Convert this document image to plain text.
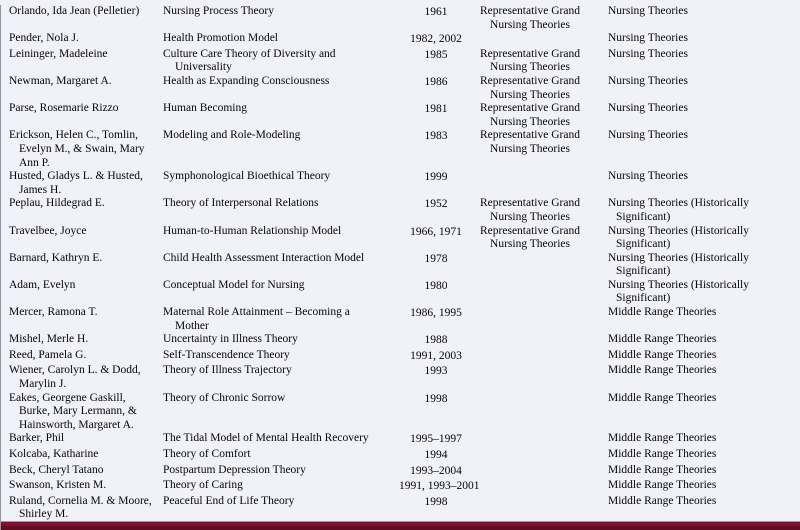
Orlando, Ida Jean (Pelletier)	Nursing Process Theory	1961	Representative Grand Nursing Theories	Nursing Theories
Pender, Nola J.	Health Promotion Model	1982, 2002		Nursing Theories
Leininger, Madeleine	Culture Care Theory of Diversity and Universality	1985	Representative Grand Nursing Theories	Nursing Theories
Newman, Margaret A.	Health as Expanding Consciousness	1986	Representative Grand Nursing Theories	Nursing Theories
Parse, Rosemarie Rizzo	Human Becoming	1981	Representative Grand Nursing Theories	Nursing Theories
Erickson, Helen C., Tomlin, Evelyn M., & Swain, Mary Ann P.	Modeling and Role-Modeling	1983	Representative Grand Nursing Theories	Nursing Theories
Husted, Gladys L. & Husted, James H.	Symphonological Bioethical Theory	1999		Nursing Theories
Peplau, Hildegrad E.	Theory of Interpersonal Relations	1952	Representative Grand Nursing Theories	Nursing Theories (Historically Significant)
Travelbee, Joyce	Human-to-Human Relationship Model	1966, 1971	Representative Grand Nursing Theories	Nursing Theories (Historically Significant)
Barnard, Kathryn E.	Child Health Assessment Interaction Model	1978		Nursing Theories (Historically Significant)
Adam, Evelyn	Conceptual Model for Nursing	1980		Nursing Theories (Historically Significant)
Mercer, Ramona T.	Maternal Role Attainment – Becoming a Mother	1986, 1995		Middle Range Theories
Mishel, Merle H.	Uncertainty in Illness Theory	1988		Middle Range Theories
Reed, Pamela G.	Self-Transcendence Theory	1991, 2003		Middle Range Theories
Wiener, Carolyn L. & Dodd, Marylin J.	Theory of Illness Trajectory	1993		Middle Range Theories
Eakes, Georgene Gaskill, Burke, Mary Lermann, & Hainsworth, Margaret A.	Theory of Chronic Sorrow	1998		Middle Range Theories
Barker, Phil	The Tidal Model of Mental Health Recovery	1995–1997		Middle Range Theories
Kolcaba, Katharine	Theory of Comfort	1994		Middle Range Theories
Beck, Cheryl Tatano	Postpartum Depression Theory	1993–2004		Middle Range Theories
Swanson, Kristen M.	Theory of Caring	1991, 1993–2001		Middle Range Theories
Ruland, Cornelia M. & Moore, Shirley M.	Peaceful End of Life Theory	1998		Middle Range Theories
